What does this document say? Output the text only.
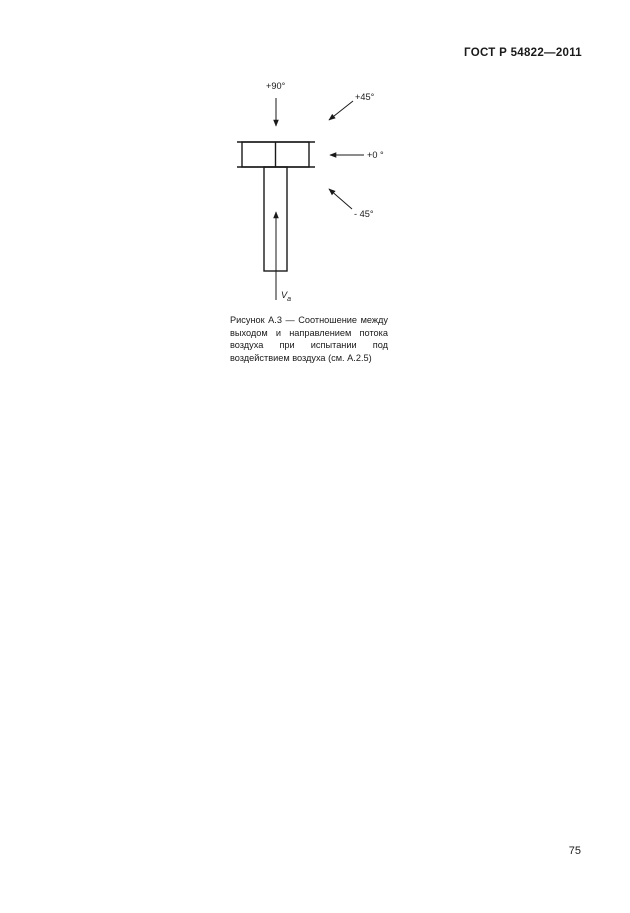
ГОСТ Р 54822—2011
+90°
+45°
+0 °
- 45°
$V_a$
Рисунок А.3 — Соотношение между выходом и направлением потока воздуха при испытании под воздействием воздуха (см. А.2.5)
75
